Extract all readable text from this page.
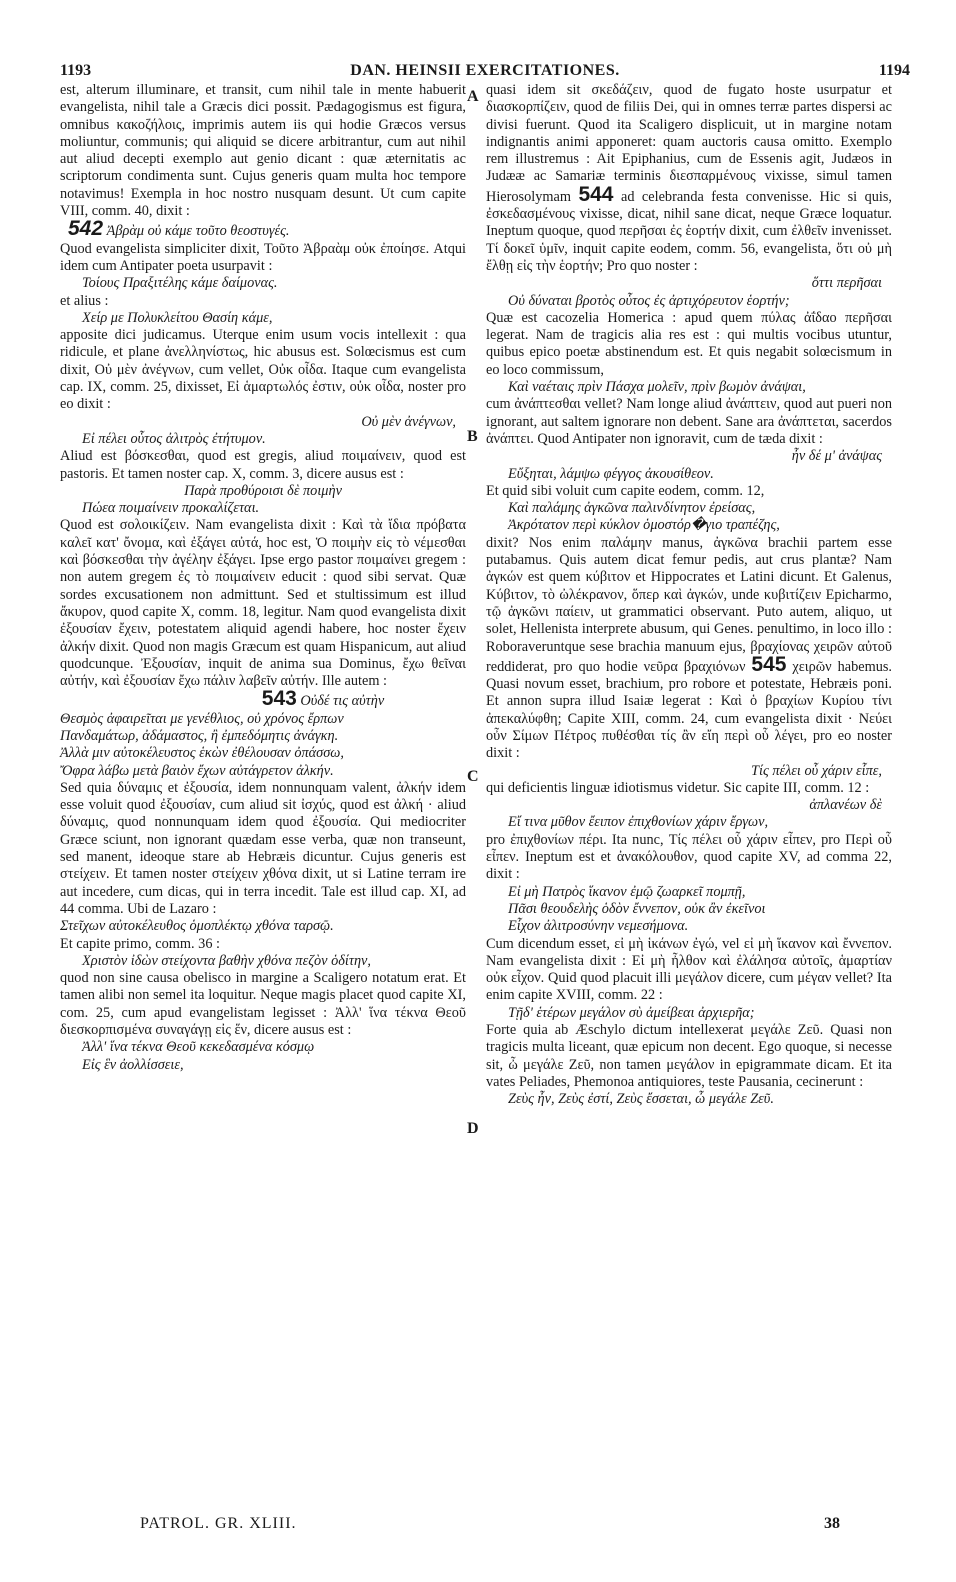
1193	DAN. HEINSII EXERCITATIONES.	1194
A
B
C
D

est, alterum illuminare, et transit, cum nihil tale in mente habuerit evangelista, nihil tale a Græcis dici possit. Pædagogismus est figura, omnibus κακοζήλοις, imprimis autem iis qui hodie Græcos versus moliuntur, communis; qui aliquid se dicere arbitrantur, cum aut nihil aut aliud decepti exemplo aut genio dicant : quæ æternitatis ac scriptorum condimenta sunt. Cujus generis quam multa hoc tempore notavimus! Exempla in hoc nostro nusquam desunt. Ut cum capite VIII, comm. 40, dixit :

542 Ἀβρὰμ οὐ κάμε τοῦτο θεοστυγές.

Quod evangelista simpliciter dixit, Τοῦτο Ἀβραὰμ οὐκ ἐποίησε. Atqui idem cum Antipater poeta usurpavit :

Τοίους Πραξιτέλης κάμε δαίμονας.

et alius :

Χείρ με Πολυκλείτου Θασίη κάμε,

apposite dici judicamus. Uterque enim usum vocis intellexit : qua ridicule, et plane ἀνελληνίστως, hic abusus est. Solœcismus est cum dixit, Οὐ μὲν ἀνέγνων, cum vellet, Οὐκ οἶδα. Itaque cum evangelista cap. IX, comm. 25, dixisset, Εἰ ἁμαρτωλός ἐστιν, οὐκ οἶδα, noster pro eo dixit :

Οὐ μὲν ἀνέγνων,

Εἰ πέλει οὗτος ἀλιτρὸς ἐτήτυμον.

Aliud est βόσκεσθαι, quod est gregis, aliud ποιμαίνειν, quod est pastoris. Et tamen noster cap. X, comm. 3, dicere ausus est :

Παρὰ προθύροισι δὲ ποιμὴν

Πώεα ποιμαίνειν προκαλίζεται.

Quod est σολοικίζειν. Nam evangelista dixit : Καὶ τὰ ἴδια πρόβατα καλεῖ κατ' ὄνομα, καὶ ἐξάγει αὐτά, hoc est, Ὁ ποιμὴν εἰς τὸ νέμεσθαι καὶ βόσκεσθαι τὴν ἀγέλην ἐξάγει. Ipse ergo pastor ποιμαίνει gregem : non autem gregem ἐς τὸ ποιμαίνειν educit : quod sibi servat. Quæ sordes excusationem non admittunt. Sed et stultissimum est illud ἄκυρον, quod capite X, comm. 18, legitur. Nam quod evangelista dixit ἐξουσίαν ἔχειν, potestatem aliquid agendi habere, hoc noster ἔχειν ἀλκήν dixit. Quod non magis Græcum est quam Hispanicum, aut aliud quodcunque. Ἐξουσίαν, inquit de anima sua Dominus, ἔχω θεῖναι αὐτήν, καὶ ἐξουσίαν ἔχω πάλιν λαβεῖν αὐτήν. Ille autem :

543 Οὐδέ τις αὐτὴν

Θεσμὸς ἀφαιρεῖται με γενέθλιος, οὐ χρόνος ἔρπων

Πανδαμάτωρ, ἀδάμαστος, ἢ ἐμπεδόμητις ἀνάγκη.

Ἀλλὰ μιν αὐτοκέλευστος ἑκὼν ἐθέλουσαν ὀπάσσω,

Ὄφρα λάβω μετὰ βαιὸν ἔχων αὐτάγρετον ἀλκήν.

Sed quia δύναμις et ἐξουσία, idem nonnunquam valent, ἀλκήν idem esse voluit quod ἐξουσίαν, cum aliud sit ἰσχύς, quod est ἀλκή · aliud δύναμις, quod nonnunquam idem quod ἐξουσία. Qui mediocriter Græce sciunt, non ignorant quædam esse verba, quæ non transeunt, sed manent, ideoque stare ab Hebræis dicuntur. Cujus generis est στείχειν. Et tamen noster στείχειν χθόνα dixit, ut si Latine terram ire aut incedere, cum dicas, qui in terra incedit. Tale est illud cap. XI, ad 44 comma. Ubi de Lazaro :

Στεῖχων αὐτοκέλευθος ὁμοπλέκτῳ χθόνα ταρσῷ.

Et capite primo, comm. 36 :

Χριστὸν ἰδὼν στείχοντα βαθὴν χθόνα πεζὸν ὁδίτην,

quod non sine causa obelisco in margine a Scaligero notatum erat. Et tamen alibi non semel ita loquitur. Neque magis placet quod capite XI, com. 25, cum apud evangelistam legisset : Ἀλλ' ἵνα τέκνα Θεοῦ διεσκορπισμένα συναγάγῃ εἰς ἕν, dicere ausus est :

Ἀλλ' ἵνα τέκνα Θεοῦ κεκεδασμένα κόσμῳ

Εἰς ἓν ἀολλίσσειε,

quasi idem sit σκεδάζειν, quod de fugato hoste usurpatur et διασκορπίζειν, quod de filiis Dei, qui in omnes terræ partes dispersi ac divisi fuerunt. Quod ita Scaligero displicuit, ut in margine notam indignantis animi apponeret: quam auctoris causa omitto. Exemplo rem illustremus : Ait Epiphanius, cum de Essenis agit, Judæos in Judææ ac Samariæ terminis διεσπαρμένους vixisse, simul tamen Hierosolymam 544 ad celebranda festa convenisse. Hic si quis, ἐσκεδασμένους vixisse, dicat, nihil sane dicat, neque Græce loquatur. Ineptum quoque, quod περῆσαι ἐς ἑορτήν dixit, cum ἐλθεῖν invenisset. Τί δοκεῖ ὑμῖν, inquit capite eodem, comm. 56, evangelista, ὅτι οὐ μὴ ἔλθῃ εἰς τὴν ἑορτήν; Pro quo noster :

ὅττι περῆσαι

Οὐ δύναται βροτὸς οὗτος ἐς ἀρτιχόρευτον ἑορτήν;

Quæ est cacozelia Homerica : apud quem πύλας ἀΐδαο περῆσαι legerat. Nam de tragicis alia res est : qui multis vocibus utuntur, quibus epico poetæ abstinendum est. Et quis negabit solœcismum in eo loco commissum,

Καὶ ναέταις πρὶν Πάσχα μολεῖν, πρὶν βωμὸν ἀνάψαι,

cum ἀνάπτεσθαι vellet? Nam longe aliud ἀνάπτειν, quod aut pueri non ignorant, aut saltem ignorare non debent. Sane ara ἀνάπτεται, sacerdos ἀνάπτει. Quod Antipater non ignoravit, cum de tæda dixit :

ἦν δέ μ' ἀνάψας

Εὔξηται, λάμψω φέγγος ἀκουσίθεον.

Et quid sibi voluit cum capite eodem, comm. 12,

Καὶ παλάμης ἀγκῶνα παλινδίνητον ἐρείσας,

Ἀκρότατον περὶ κύκλον ὁμοστόρ�γιο τραπέζης,

dixit? Nos enim παλάμην manus, ἀγκῶνα brachii partem esse putabamus. Quis autem dicat femur pedis, aut crus plantæ? Nam ἀγκών est quem κύβιτον et Hippocrates et Latini dicunt. Et Galenus, Κύβιτον, τὸ ὠλέκρανον, ὅπερ καὶ ἀγκών, unde κυβιτίζειν Epicharmo, τῷ ἀγκῶνι παίειν, ut grammatici observant. Puto autem, aliquo, ut solet, Hellenista interprete abusum, qui Genes. penultimo, in loco illo : Roboraveruntque sese brachia manuum ejus, βραχίονας χειρῶν αὐτοῦ reddiderat, pro quo hodie νεῦρα βραχιόνων 545 χειρῶν habemus. Quasi novum esset, brachium, pro robore et potestate, Hebræis poni. Et annon supra illud Isaiæ legerat : Καὶ ὁ βραχίων Κυρίου τίνι ἀπεκαλύφθη; Capite XIII, comm. 24, cum evangelista dixit · Νεύει οὖν Σίμων Πέτρος πυθέσθαι τίς ἂν εἴη περὶ οὗ λέγει, pro eo noster dixit :

Τίς πέλει οὗ χάριν εἶπε,

qui deficientis linguæ idiotismus videtur. Sic capite III, comm. 12 :

ἀπλανέων δὲ

Εἴ τινα μῦθον ἔειπον ἐπιχθονίων χάριν ἔργων,

pro ἐπιχθονίων πέρι. Ita nunc, Τίς πέλει οὗ χάριν εἶπεν, pro Περὶ οὗ εἶπεν. Ineptum est et ἀνακόλουθον, quod capite XV, ad comma 22, dixit :

Εἰ μὴ Πατρὸς ἵκανον ἐμῷ ζωαρκεῖ πομπῇ,

Πᾶσι θεουδελὴς ὁδὸν ἔννεπον, οὐκ ἂν ἐκεῖνοι

Εἶχον ἀλιτροσύνην νεμεσήμονα.

Cum dicendum esset, εἰ μὴ ἱκάνων ἐγώ, vel εἰ μὴ ἵκανον καὶ ἔννεπον. Nam evangelista dixit : Εἰ μὴ ἦλθον καὶ ἐλάλησα αὐτοῖς, ἁμαρτίαν οὐκ εἶχον. Quid quod placuit illi μεγάλον dicere, cum μέγαν vellet? Ita enim capite XVIII, comm. 22 :

Τῇδ' ἑτέρων μεγάλον σὺ ἀμείβεαι ἀρχιερῆα;

Forte quia ab Æschylo dictum intellexerat μεγάλε Ζεῦ. Quasi non tragicis multa liceant, quæ epicum non decent. Ego quoque, si necesse sit, ὦ μεγάλε Ζεῦ, non tamen μεγάλον in epigrammate dicam. Et ita vates Peliades, Phemonoa antiquiores, teste Pausania, cecinerunt :

Ζεὺς ἦν, Ζεὺς ἐστί, Ζεὺς ἔσσεται, ὦ μεγάλε Ζεῦ.

PATROL. GR. XLIII.	38
